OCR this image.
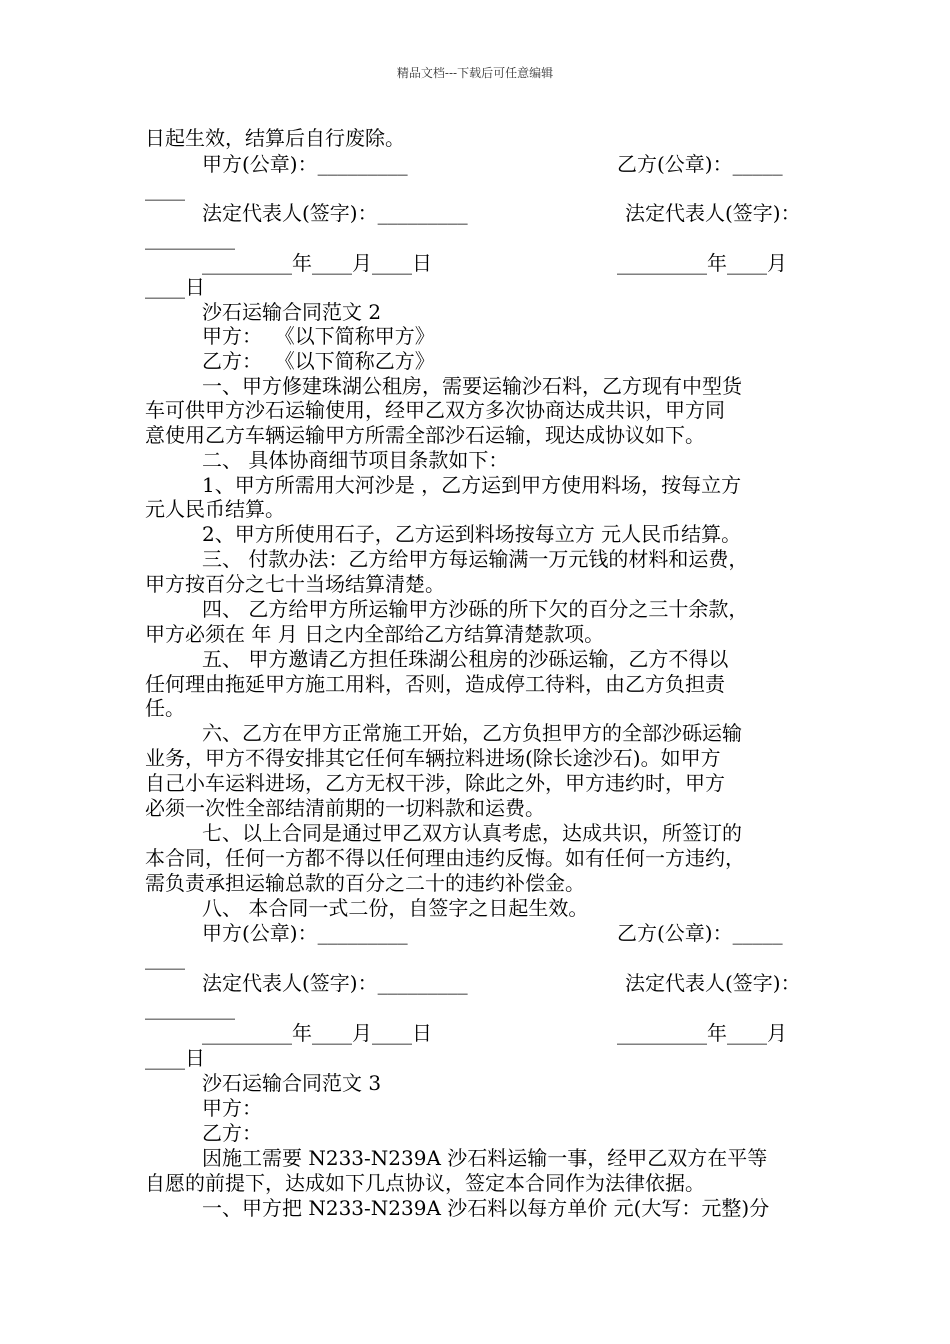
精品文档---下载后可任意编辑
日起生效，结算后自行废除。
甲方(公章)：_________	乙方(公章)：_____
____
法定代表人(签字)：_________	法定代表人(签字)：
_________
_________年____月____日	_________年____月
____日
沙石运输合同范文 2
甲方：  《以下简称甲方》
乙方：  《以下简称乙方》
一、甲方修建珠湖公租房，需要运输沙石料，乙方现有中型货
车可供甲方沙石运输使用，经甲乙双方多次协商达成共识，甲方同
意使用乙方车辆运输甲方所需全部沙石运输，现达成协议如下。
二、 具体协商细节项目条款如下：
1、甲方所需用大河沙是 ，乙方运到甲方使用料场，按每立方
元人民币结算。
2、甲方所使用石子，乙方运到料场按每立方 元人民币结算。
三、 付款办法：乙方给甲方每运输满一万元钱的材料和运费，
甲方按百分之七十当场结算清楚。
四、 乙方给甲方所运输甲方沙砾的所下欠的百分之三十余款，
甲方必须在 年 月 日之内全部给乙方结算清楚款项。
五、 甲方邀请乙方担任珠湖公租房的沙砾运输，乙方不得以
任何理由拖延甲方施工用料，否则，造成停工待料，由乙方负担责
任。
六、乙方在甲方正常施工开始，乙方负担甲方的全部沙砾运输
业务，甲方不得安排其它任何车辆拉料进场(除长途沙石)。如甲方
自己小车运料进场，乙方无权干涉，除此之外，甲方违约时，甲方
必须一次性全部结清前期的一切料款和运费。
七、以上合同是通过甲乙双方认真考虑，达成共识，所签订的
本合同，任何一方都不得以任何理由违约反悔。如有任何一方违约，
需负责承担运输总款的百分之二十的违约补偿金。
八、 本合同一式二份，自签字之日起生效。
甲方(公章)：_________	乙方(公章)：_____
____
法定代表人(签字)：_________	法定代表人(签字)：
_________
_________年____月____日	_________年____月
____日
沙石运输合同范文 3
甲方：
乙方：
因施工需要 N233-N239A 沙石料运输一事，经甲乙双方在平等
自愿的前提下，达成如下几点协议，签定本合同作为法律依据。
一、甲方把 N233-N239A 沙石料以每方单价 元(大写：元整)分
